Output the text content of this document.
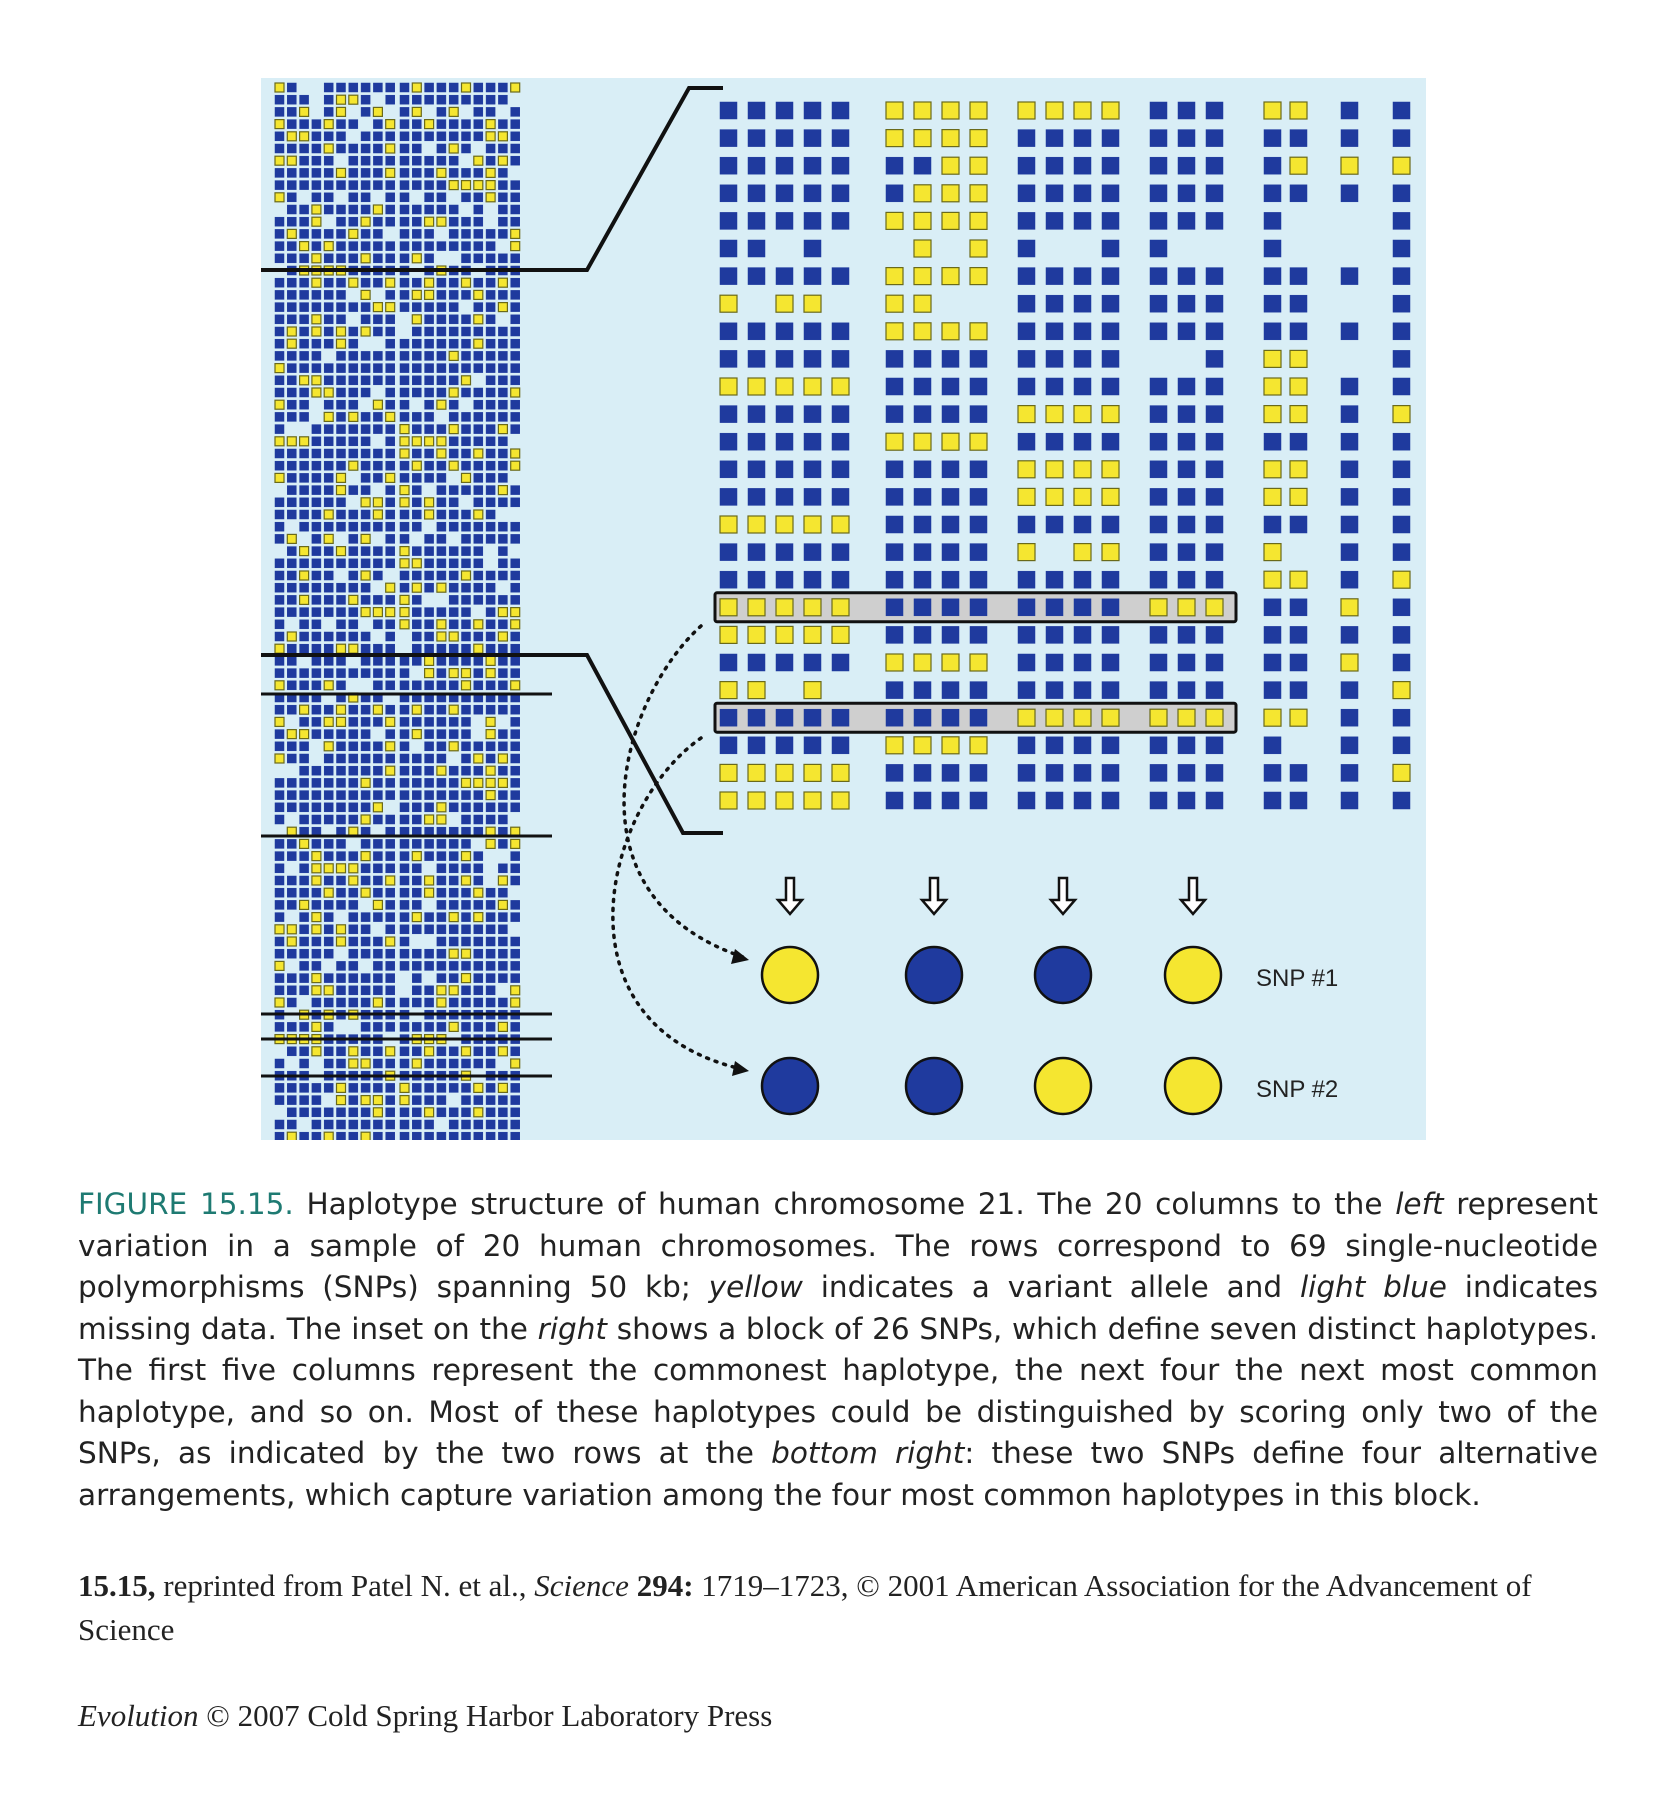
SNP #1
SNP #2
FIGURE 15.15. Haplotype structure of human chromosome 21. The 20 columns to the left represent variation in a sample of 20 human chromosomes. The rows correspond to 69 single-nucleotide polymorphisms (SNPs) spanning 50 kb; yellow indicates a variant allele and light blue indicates missing data. The inset on the right shows a block of 26 SNPs, which define seven distinct haplotypes. The first five columns represent the commonest haplotype, the next four the next most common haplotype, and so on. Most of these haplotypes could be distinguished by scoring only two of the SNPs, as indicated by the two rows at the bottom right: these two SNPs define four alternative arrangements, which capture variation among the four most common haplotypes in this block.
15.15, reprinted from Patel N. et al., Science 294: 1719–1723, © 2001 American Association for the Advancement of Science
Evolution © 2007 Cold Spring Harbor Laboratory Press
